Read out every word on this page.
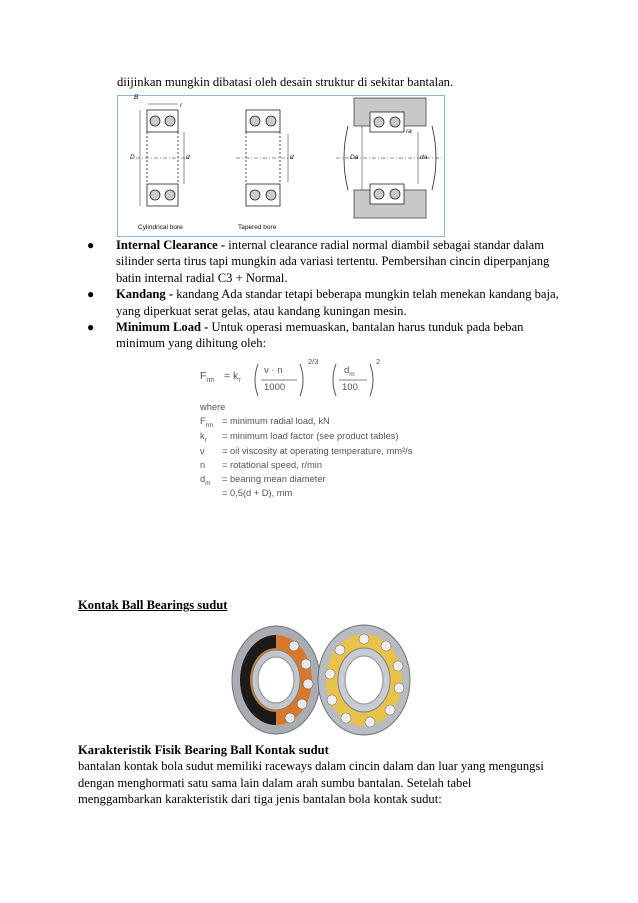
diijinkan mungkin dibatasi oleh desain struktur di sekitar bantalan.
B
r
D	d	d	Da	da
ra
Cylindrical bore	Tapered bore
● Internal Clearance - internal clearance radial normal diambil sebagai standar dalam silinder serta tirus tapi mungkin ada variasi tertentu. Pembersihan cincin diperpanjang batin internal radial C3 + Normal.
● Kandang - kandang Ada standar tetapi beberapa mungkin telah menekan kandang baja, yang diperkuat serat gelas, atau kandang kuningan mesin.
● Minimum Load - Untuk operasi memuaskan, bantalan harus tunduk pada beban minimum yang dihitung oleh:
$F_{rm} = k_r$
ν · n
1000
2/3
$d_m$
100
2
where
$F_{rm}$ = minimum radial load, kN
$k_r$ = minimum load factor (see product tables)
ν = oil viscosity at operating temperature, mm²/s
n = rotational speed, r/min
$d_m$ = bearing mean diameter
= 0,5(d + D), mm
Kontak Ball Bearings sudut
Karakteristik Fisik Bearing Ball Kontak sudut
bantalan kontak bola sudut memiliki raceways dalam cincin dalam dan luar yang mengungsi
dengan menghormati satu sama lain dalam arah sumbu bantalan. Setelah tabel
menggambarkan karakteristik dari tiga jenis bantalan bola kontak sudut:
